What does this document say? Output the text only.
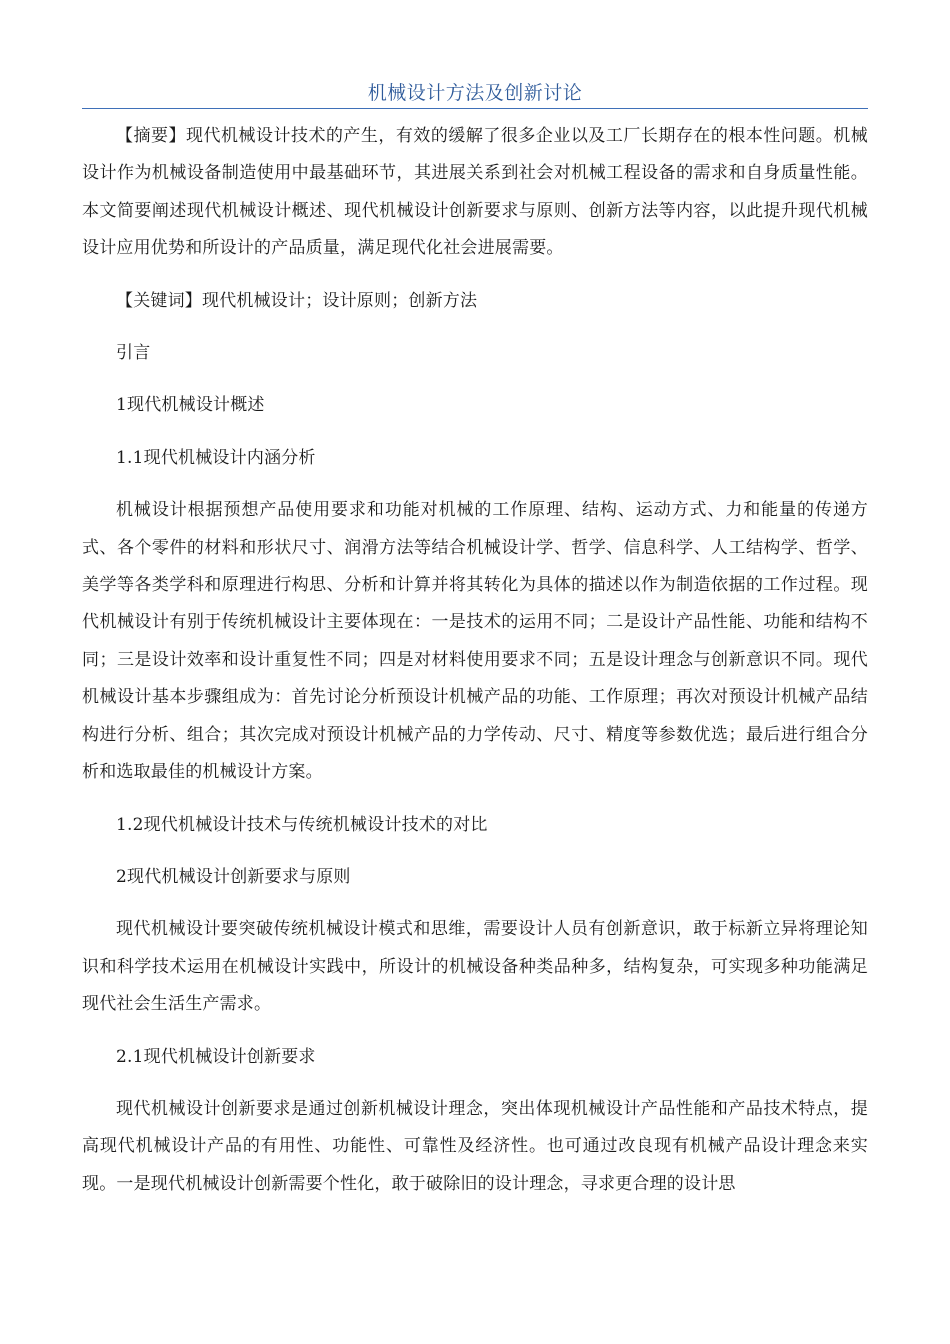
机械设计方法及创新讨论

【摘要】现代机械设计技术的产生，有效的缓解了很多企业以及工厂长期存在的根本性问题。机械设计作为机械设备制造使用中最基础环节，其进展关系到社会对机械工程设备的需求和自身质量性能。本文简要阐述现代机械设计概述、现代机械设计创新要求与原则、创新方法等内容，以此提升现代机械设计应用优势和所设计的产品质量，满足现代化社会进展需要。

【关键词】现代机械设计；设计原则；创新方法

引言

1现代机械设计概述

1.1现代机械设计内涵分析

机械设计根据预想产品使用要求和功能对机械的工作原理、结构、运动方式、力和能量的传递方式、各个零件的材料和形状尺寸、润滑方法等结合机械设计学、哲学、信息科学、人工结构学、哲学、美学等各类学科和原理进行构思、分析和计算并将其转化为具体的描述以作为制造依据的工作过程。现代机械设计有别于传统机械设计主要体现在：一是技术的运用不同；二是设计产品性能、功能和结构不同；三是设计效率和设计重复性不同；四是对材料使用要求不同；五是设计理念与创新意识不同。现代机械设计基本步骤组成为：首先讨论分析预设计机械产品的功能、工作原理；再次对预设计机械产品结构进行分析、组合；其次完成对预设计机械产品的力学传动、尺寸、精度等参数优选；最后进行组合分析和选取最佳的机械设计方案。

1.2现代机械设计技术与传统机械设计技术的对比

2现代机械设计创新要求与原则

现代机械设计要突破传统机械设计模式和思维，需要设计人员有创新意识，敢于标新立异将理论知识和科学技术运用在机械设计实践中，所设计的机械设备种类品种多，结构复杂，可实现多种功能满足现代社会生活生产需求。

2.1现代机械设计创新要求

现代机械设计创新要求是通过创新机械设计理念，突出体现机械设计产品性能和产品技术特点，提高现代机械设计产品的有用性、功能性、可靠性及经济性。也可通过改良现有机械产品设计理念来实现。一是现代机械设计创新需要个性化，敢于破除旧的设计理念，寻求更合理的设计思
